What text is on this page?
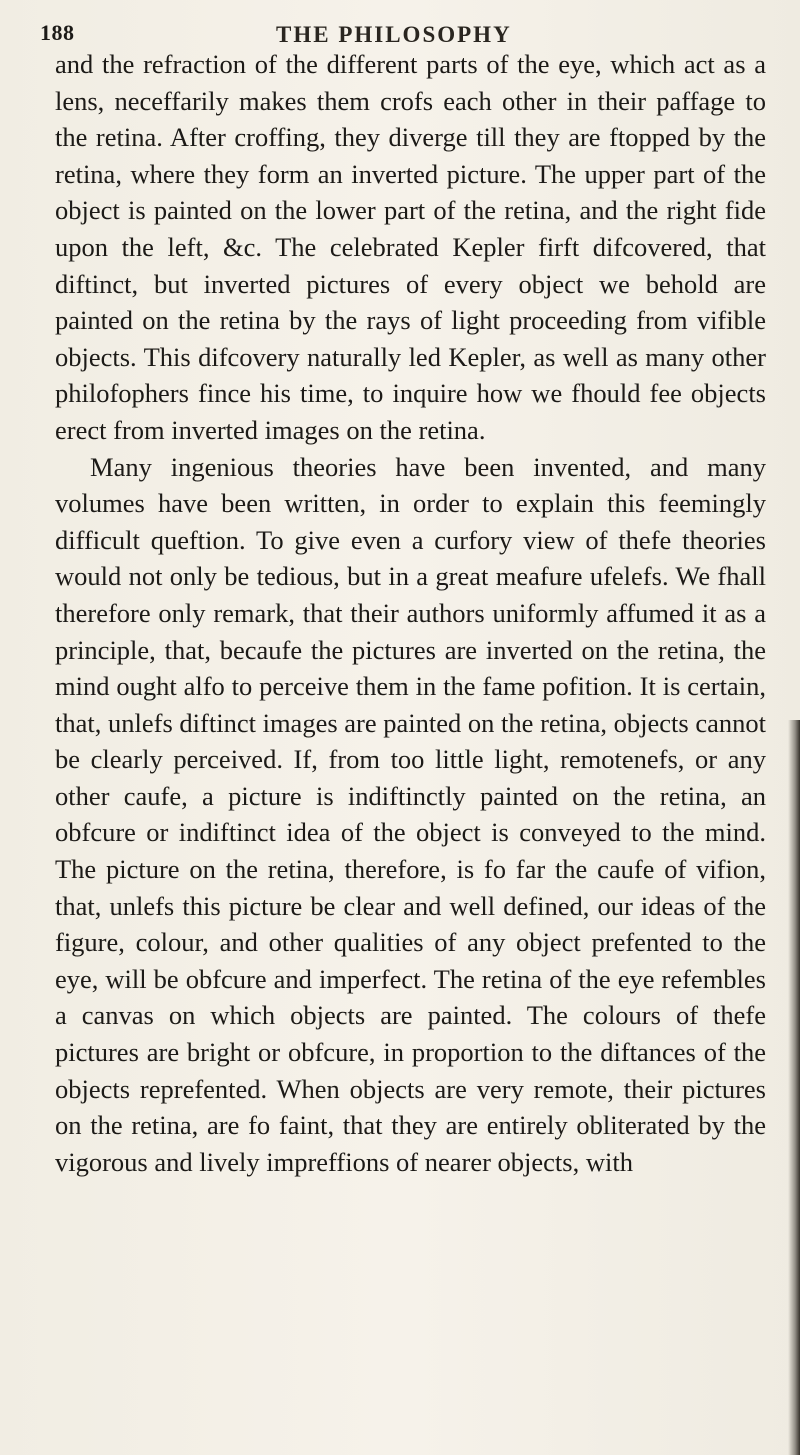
188	THE PHILOSOPHY

and the refraction of the different parts of the eye, which act as a lens, neceffarily makes them crofs each other in their paffage to the retina. After croffing, they diverge till they are ftopped by the retina, where they form an inverted picture. The upper part of the object is painted on the lower part of the retina, and the right fide upon the left, &c. The celebrated Kepler firft difcovered, that diftinct, but inverted pictures of every object we behold are painted on the retina by the rays of light proceeding from vifible objects. This difcovery naturally led Kepler, as well as many other philofophers fince his time, to inquire how we fhould fee objects erect from inverted images on the retina.

Many ingenious theories have been invented, and many volumes have been written, in order to explain this feemingly difficult queftion. To give even a curfory view of thefe theories would not only be tedious, but in a great meafure ufelefs. We fhall therefore only remark, that their authors uniformly affumed it as a principle, that, becaufe the pictures are inverted on the retina, the mind ought alfo to perceive them in the fame pofition. It is certain, that, unlefs diftinct images are painted on the retina, objects cannot be clearly perceived. If, from too little light, remotenefs, or any other caufe, a picture is indiftinctly painted on the retina, an obfcure or indiftinct idea of the object is conveyed to the mind. The picture on the retina, therefore, is fo far the caufe of vifion, that, unlefs this picture be clear and well defined, our ideas of the figure, colour, and other qualities of any object prefented to the eye, will be obfcure and imperfect. The retina of the eye refembles a canvas on which objects are painted. The colours of thefe pictures are bright or obfcure, in proportion to the diftances of the objects reprefented. When objects are very remote, their pictures on the retina, are fo faint, that they are entirely obliterated by the vigorous and lively impreffions of nearer objects, with
